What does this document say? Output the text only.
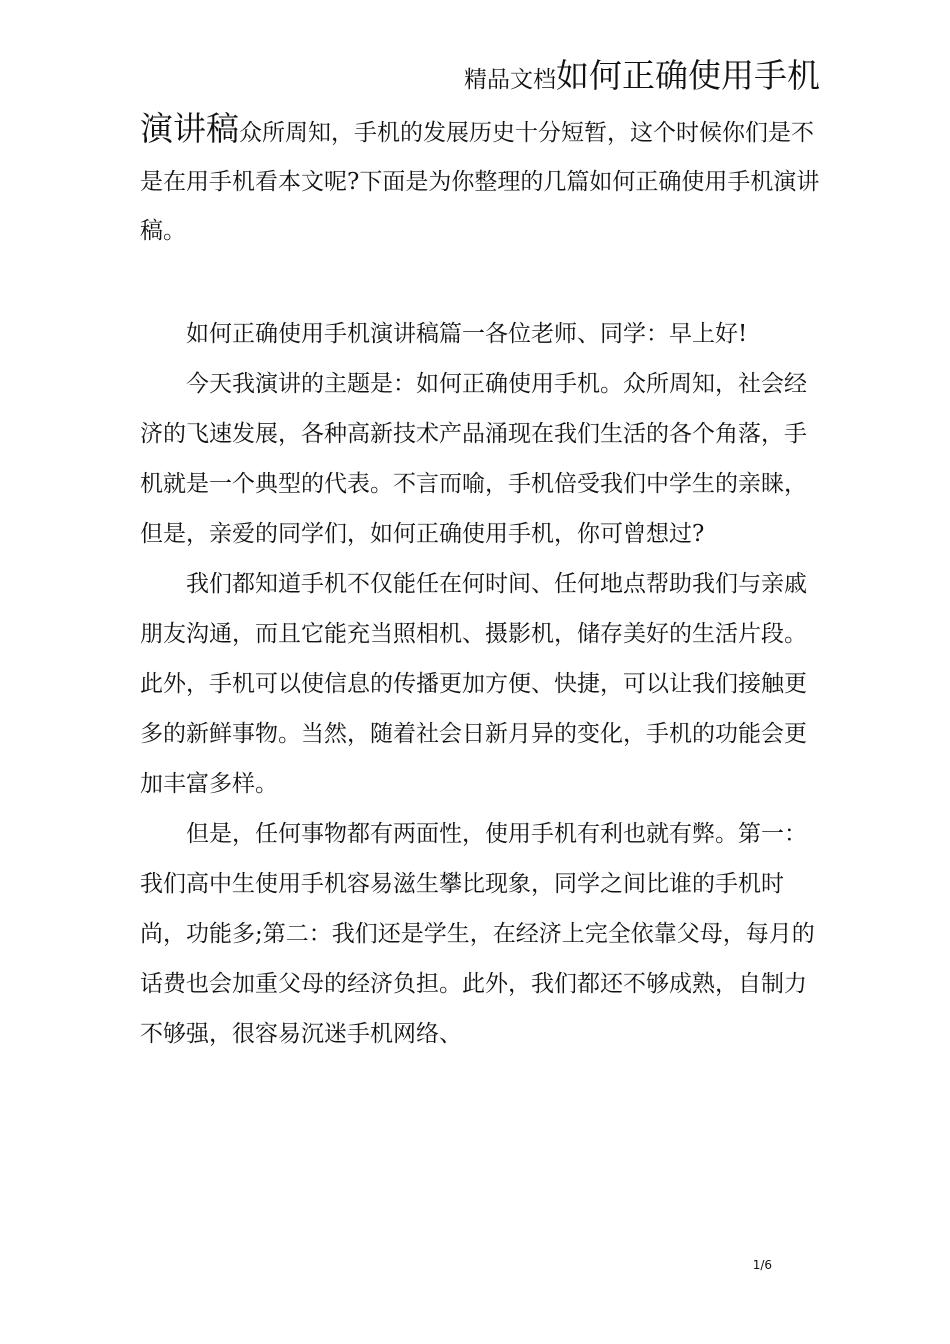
精品文档如何正确使用手机

演讲稿众所周知，手机的发展历史十分短暂，这个时候你们是不是在用手机看本文呢?下面是为你整理的几篇如何正确使用手机演讲稿。

如何正确使用手机演讲稿篇一各位老师、同学：早上好!

今天我演讲的主题是：如何正确使用手机。众所周知，社会经济的飞速发展，各种高新技术产品涌现在我们生活的各个角落，手机就是一个典型的代表。不言而喻，手机倍受我们中学生的亲睐，但是，亲爱的同学们，如何正确使用手机，你可曾想过?

我们都知道手机不仅能任在何时间、任何地点帮助我们与亲戚朋友沟通，而且它能充当照相机、摄影机，储存美好的生活片段。此外，手机可以使信息的传播更加方便、快捷，可以让我们接触更多的新鲜事物。当然，随着社会日新月异的变化，手机的功能会更加丰富多样。

但是，任何事物都有两面性，使用手机有利也就有弊。第一：我们高中生使用手机容易滋生攀比现象，同学之间比谁的手机时尚，功能多;第二：我们还是学生，在经济上完全依靠父母，每月的话费也会加重父母的经济负担。此外，我们都还不够成熟，自制力不够强，很容易沉迷手机网络、

1/6
